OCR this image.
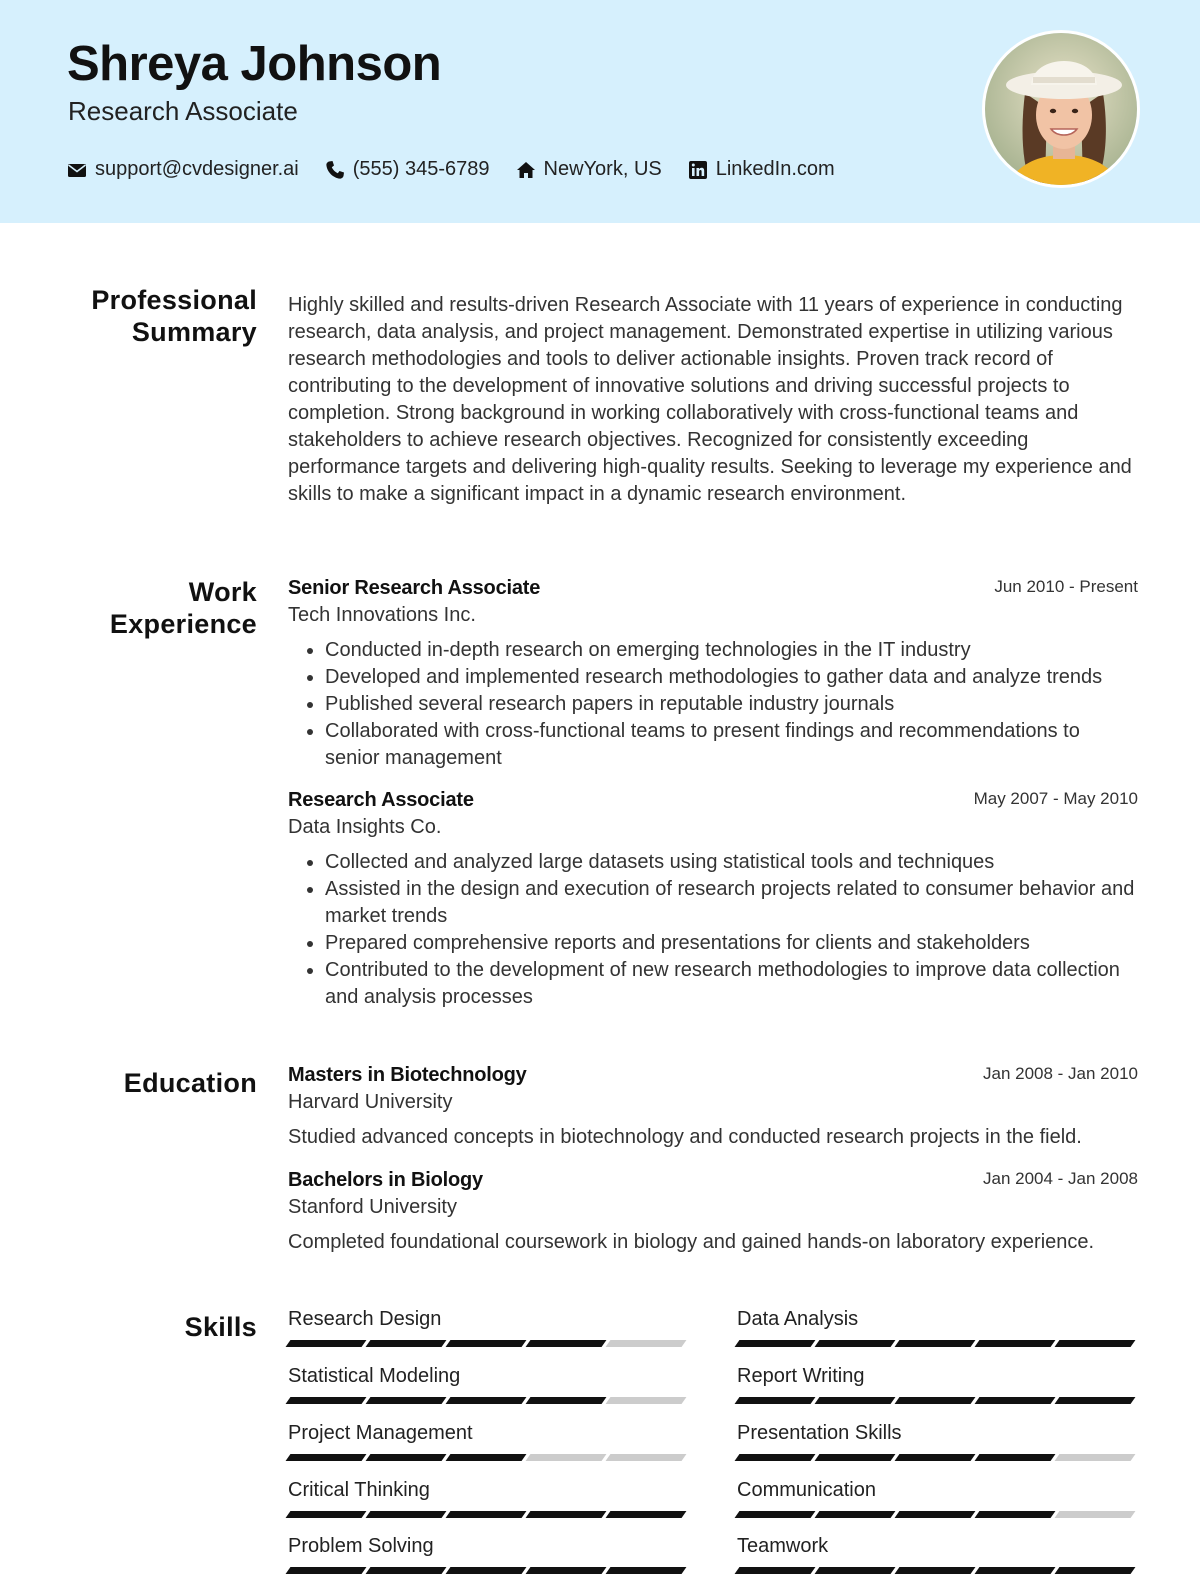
Shreya Johnson
Research Associate
support@cvdesigner.ai	(555) 345-6789	NewYork, US	LinkedIn.com
Professional
Summary
Highly skilled and results-driven Research Associate with 11 years of experience in conducting research, data analysis, and project management. Demonstrated expertise in utilizing various research methodologies and tools to deliver actionable insights. Proven track record of contributing to the development of innovative solutions and driving successful projects to completion. Strong background in working collaboratively with cross-functional teams and stakeholders to achieve research objectives. Recognized for consistently exceeding performance targets and delivering high-quality results. Seeking to leverage my experience and skills to make a significant impact in a dynamic research environment.
Work
Experience
Jun 2010 - Present
Senior Research Associate
Tech Innovations Inc.
• Conducted in-depth research on emerging technologies in the IT industry
• Developed and implemented research methodologies to gather data and analyze trends
• Published several research papers in reputable industry journals
• Collaborated with cross-functional teams to present findings and recommendations to senior management
May 2007 - May 2010
Research Associate
Data Insights Co.
• Collected and analyzed large datasets using statistical tools and techniques
• Assisted in the design and execution of research projects related to consumer behavior and market trends
• Prepared comprehensive reports and presentations for clients and stakeholders
• Contributed to the development of new research methodologies to improve data collection and analysis processes
Education	Jan 2008 - Jan 2010
Masters in Biotechnology
Harvard University
Studied advanced concepts in biotechnology and conducted research projects in the field.
Jan 2004 - Jan 2008
Bachelors in Biology
Stanford University
Completed foundational coursework in biology and gained hands-on laboratory experience.
Skills Research Design	Data Analysis
Statistical Modeling	Report Writing
Project Management	Presentation Skills
Critical Thinking	Communication
Problem Solving	Teamwork
